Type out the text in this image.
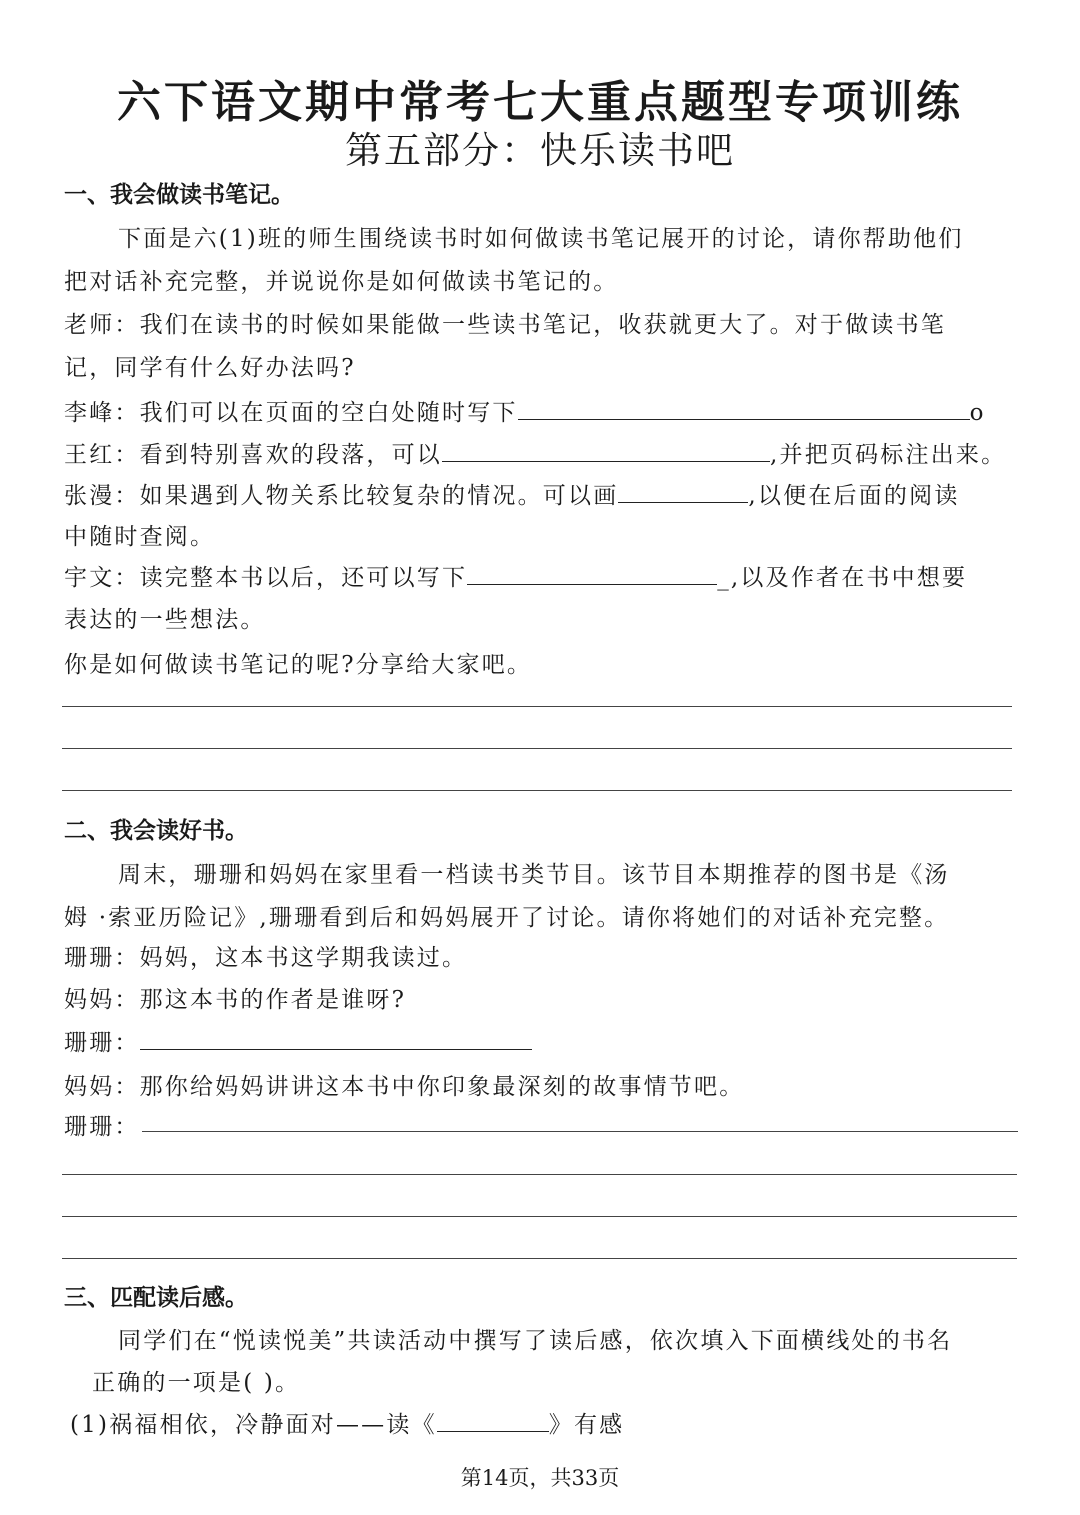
六下语文期中常考七大重点题型专项训练
第五部分：快乐读书吧
一、我会做读书笔记。
下面是六(1)班的师生围绕读书时如何做读书笔记展开的讨论，请你帮助他们
把对话补充完整，并说说你是如何做读书笔记的。
老师：我们在读书的时候如果能做一些读书笔记，收获就更大了。对于做读书笔
记，同学有什么好办法吗?
李峰：我们可以在页面的空白处随时写下	o
王红：看到特别喜欢的段落，可以	,并把页码标注出来。
张漫：如果遇到人物关系比较复杂的情况。可以画	,以便在后面的阅读
中随时查阅。
宇文：读完整本书以后，还可以写下	_,以及作者在书中想要
表达的一些想法。
你是如何做读书笔记的呢?分享给大家吧。
二、我会读好书。
周末，珊珊和妈妈在家里看一档读书类节目。该节目本期推荐的图书是《汤
姆 ·索亚历险记》,珊珊看到后和妈妈展开了讨论。请你将她们的对话补充完整。
珊珊：妈妈，这本书这学期我读过。
妈妈：那这本书的作者是谁呀?
珊珊：
妈妈：那你给妈妈讲讲这本书中你印象最深刻的故事情节吧。
珊珊：
三、匹配读后感。
同学们在“悦读悦美”共读活动中撰写了读后感，依次填入下面横线处的书名
正确的一项是( )。
(1)祸福相依，冷静面对——读《	》有感
第14页，共33页
